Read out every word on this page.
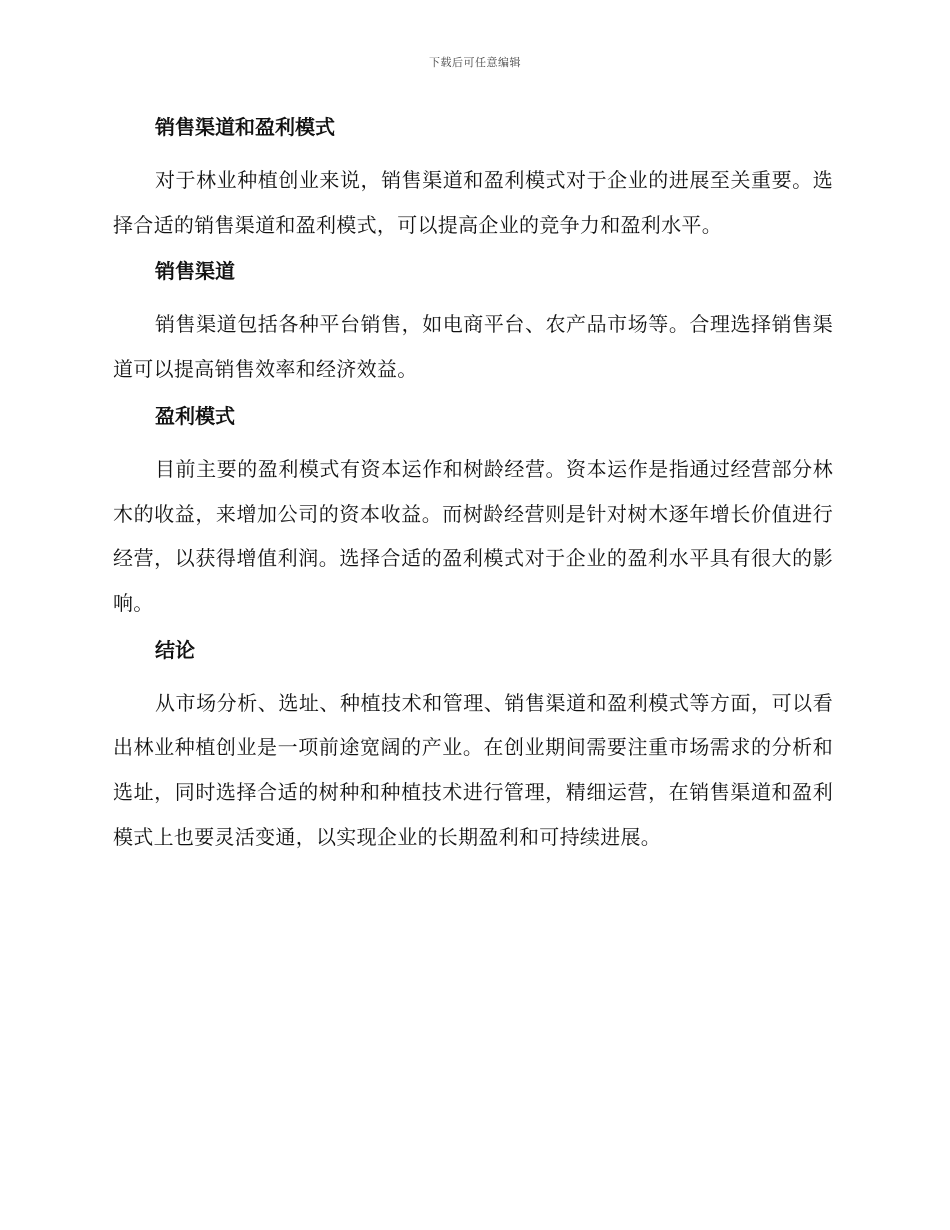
下载后可任意编辑
销售渠道和盈利模式

对于林业种植创业来说，销售渠道和盈利模式对于企业的进展至关重要。选择合适的销售渠道和盈利模式，可以提高企业的竞争力和盈利水平。

销售渠道

销售渠道包括各种平台销售，如电商平台、农产品市场等。合理选择销售渠道可以提高销售效率和经济效益。

盈利模式

目前主要的盈利模式有资本运作和树龄经营。资本运作是指通过经营部分林木的收益，来增加公司的资本收益。而树龄经营则是针对树木逐年增长价值进行经营，以获得增值利润。选择合适的盈利模式对于企业的盈利水平具有很大的影响。

结论

从市场分析、选址、种植技术和管理、销售渠道和盈利模式等方面，可以看出林业种植创业是一项前途宽阔的产业。在创业期间需要注重市场需求的分析和选址，同时选择合适的树种和种植技术进行管理，精细运营，在销售渠道和盈利模式上也要灵活变通，以实现企业的长期盈利和可持续进展。
